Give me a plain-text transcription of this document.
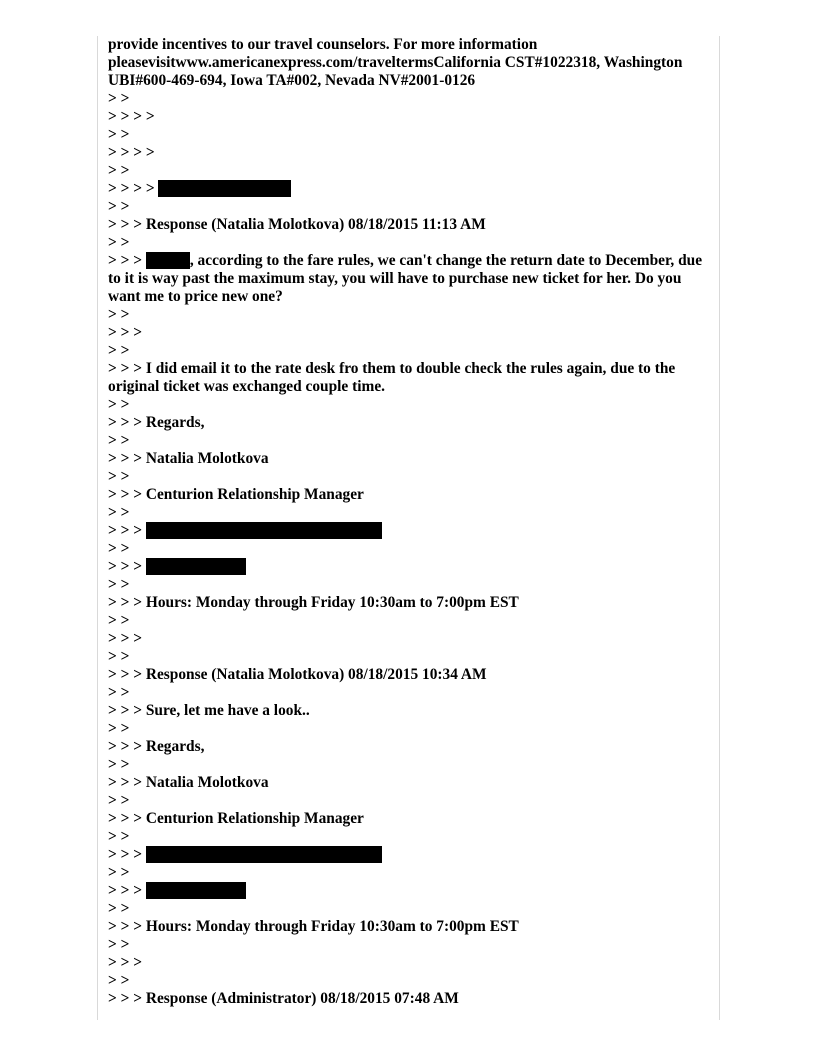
provide incentives to our travel counselors. For more information pleasevisitwww.americanexpress.com/traveltermsCalifornia CST#1022318, Washington UBI#600-469-694, Iowa TA#002, Nevada NV#2001-0126

> >

> > > >

> >

> > > >

> >

> > > >

> >

> > > Response (Natalia Molotkova) 08/18/2015 11:13 AM

> >

> > >	, according to the fare rules, we can't change the return date to December, due to it is way past the maximum stay, you will have to purchase new ticket for her. Do you want me to price new one?

> >

> > >

> >

> > > I did email it to the rate desk fro them to double check the rules again, due to the original ticket was exchanged couple time.

> >

> > > Regards,

> >

> > > Natalia Molotkova

> >

> > > Centurion Relationship Manager

> >

> > >

> >

> > >

> >

> > > Hours: Monday through Friday 10:30am to 7:00pm EST

> >

> > >

> >

> > > Response (Natalia Molotkova) 08/18/2015 10:34 AM

> >

> > > Sure, let me have a look..

> >

> > > Regards,

> >

> > > Natalia Molotkova

> >

> > > Centurion Relationship Manager

> >

> > >

> >

> > >

> >

> > > Hours: Monday through Friday 10:30am to 7:00pm EST

> >

> > >

> >

> > > Response (Administrator) 08/18/2015 07:48 AM
